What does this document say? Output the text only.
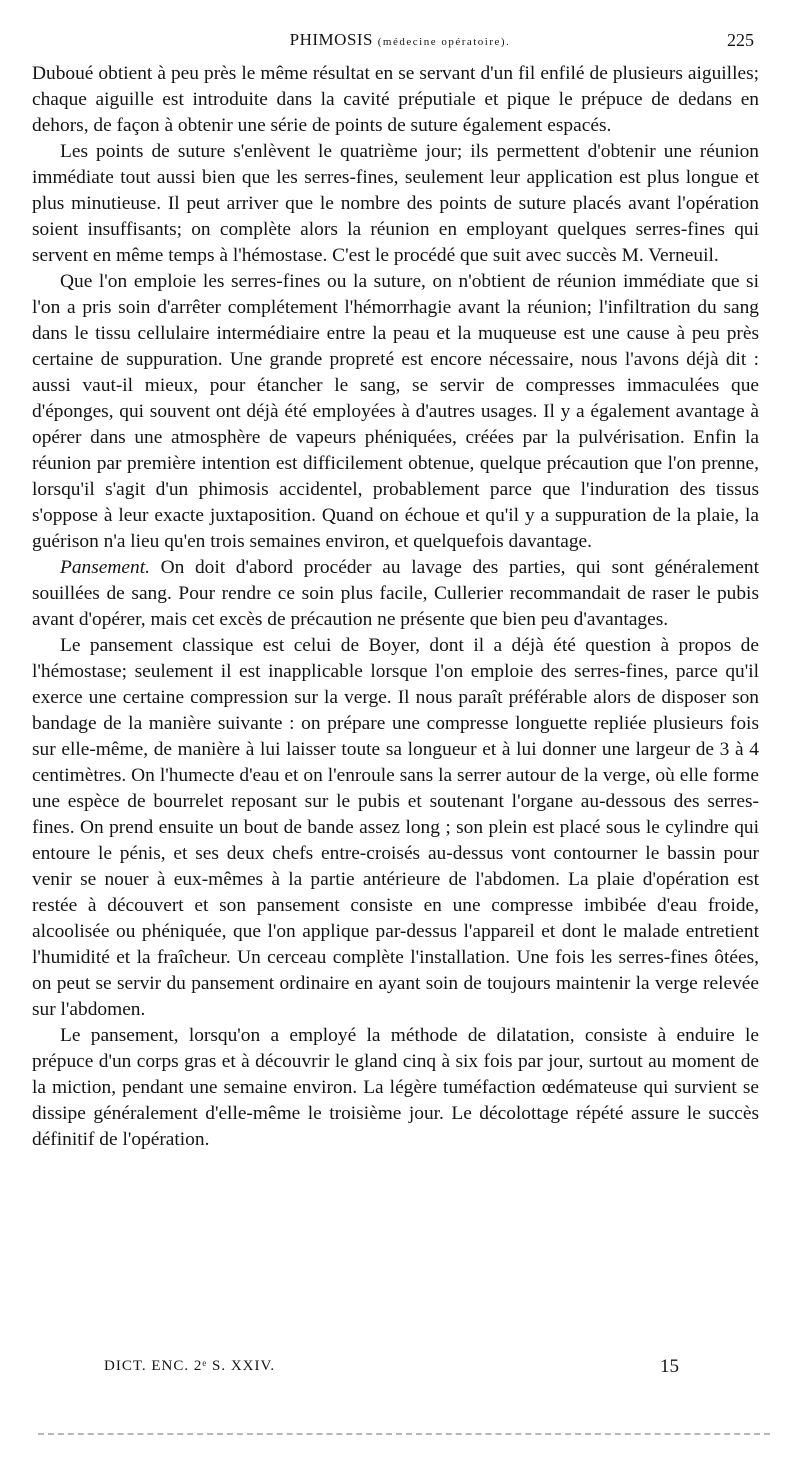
PHIMOSIS (médecine opératoire).	225

Duboué obtient à peu près le même résultat en se servant d'un fil enfilé de plusieurs aiguilles; chaque aiguille est introduite dans la cavité préputiale et pique le prépuce de dedans en dehors, de façon à obtenir une série de points de suture également espacés.

Les points de suture s'enlèvent le quatrième jour; ils permettent d'obtenir une réunion immédiate tout aussi bien que les serres-fines, seulement leur application est plus longue et plus minutieuse. Il peut arriver que le nombre des points de suture placés avant l'opération soient insuffisants; on complète alors la réunion en employant quelques serres-fines qui servent en même temps à l'hémostase. C'est le procédé que suit avec succès M. Verneuil.

Que l'on emploie les serres-fines ou la suture, on n'obtient de réunion immédiate que si l'on a pris soin d'arrêter complétement l'hémorrhagie avant la réunion; l'infiltration du sang dans le tissu cellulaire intermédiaire entre la peau et la muqueuse est une cause à peu près certaine de suppuration. Une grande propreté est encore nécessaire, nous l'avons déjà dit : aussi vaut-il mieux, pour étancher le sang, se servir de compresses immaculées que d'éponges, qui souvent ont déjà été employées à d'autres usages. Il y a également avantage à opérer dans une atmosphère de vapeurs phéniquées, créées par la pulvérisation. Enfin la réunion par première intention est difficilement obtenue, quelque précaution que l'on prenne, lorsqu'il s'agit d'un phimosis accidentel, probablement parce que l'induration des tissus s'oppose à leur exacte juxtaposition. Quand on échoue et qu'il y a suppuration de la plaie, la guérison n'a lieu qu'en trois semaines environ, et quelquefois davantage.

Pansement. On doit d'abord procéder au lavage des parties, qui sont généralement souillées de sang. Pour rendre ce soin plus facile, Cullerier recommandait de raser le pubis avant d'opérer, mais cet excès de précaution ne présente que bien peu d'avantages.

Le pansement classique est celui de Boyer, dont il a déjà été question à propos de l'hémostase; seulement il est inapplicable lorsque l'on emploie des serres-fines, parce qu'il exerce une certaine compression sur la verge. Il nous paraît préférable alors de disposer son bandage de la manière suivante : on prépare une compresse longuette repliée plusieurs fois sur elle-même, de manière à lui laisser toute sa longueur et à lui donner une largeur de 3 à 4 centimètres. On l'humecte d'eau et on l'enroule sans la serrer autour de la verge, où elle forme une espèce de bourrelet reposant sur le pubis et soutenant l'organe au-dessous des serres-fines. On prend ensuite un bout de bande assez long ; son plein est placé sous le cylindre qui entoure le pénis, et ses deux chefs entre-croisés au-dessus vont contourner le bassin pour venir se nouer à eux-mêmes à la partie antérieure de l'abdomen. La plaie d'opération est restée à découvert et son pansement consiste en une compresse imbibée d'eau froide, alcoolisée ou phéniquée, que l'on applique par-dessus l'appareil et dont le malade entretient l'humidité et la fraîcheur. Un cerceau complète l'installation. Une fois les serres-fines ôtées, on peut se servir du pansement ordinaire en ayant soin de toujours maintenir la verge relevée sur l'abdomen.

Le pansement, lorsqu'on a employé la méthode de dilatation, consiste à enduire le prépuce d'un corps gras et à découvrir le gland cinq à six fois par jour, surtout au moment de la miction, pendant une semaine environ. La légère tuméfaction œdémateuse qui survient se dissipe généralement d'elle-même le troisième jour. Le décolottage répété assure le succès définitif de l'opération.

DICT. ENC. 2ᵉ S. XXIV.	15
